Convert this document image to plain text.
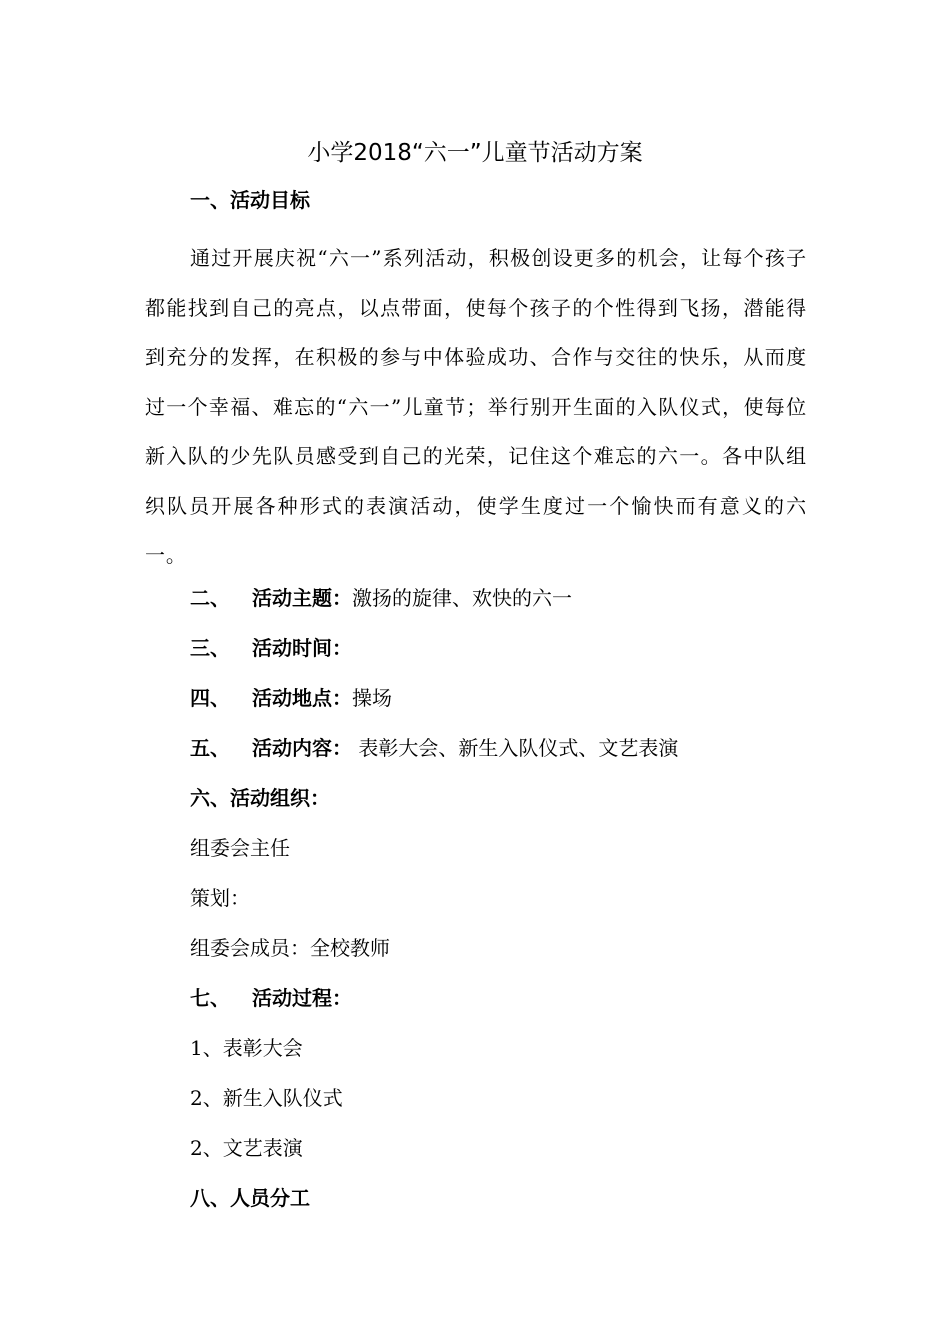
小学2018“六一”儿童节活动方案
一、活动目标
通过开展庆祝“六一”系列活动，积极创设更多的机会，让每个孩子都能找到自己的亮点，以点带面，使每个孩子的个性得到飞扬，潜能得到充分的发挥，在积极的参与中体验成功、合作与交往的快乐，从而度过一个幸福、难忘的“六一”儿童节；举行别开生面的入队仪式，使每位新入队的少先队员感受到自己的光荣，记住这个难忘的六一。各中队组织队员开展各种形式的表演活动，使学生度过一个愉快而有意义的六一。
二、 活动主题：激扬的旋律、欢快的六一
三、 活动时间：
四、 活动地点：操场
五、 活动内容： 表彰大会、新生入队仪式、文艺表演
六、活动组织：
组委会主任
策划：
组委会成员：全校教师
七、 活动过程：
1、表彰大会
2、新生入队仪式
2、文艺表演
八、人员分工
